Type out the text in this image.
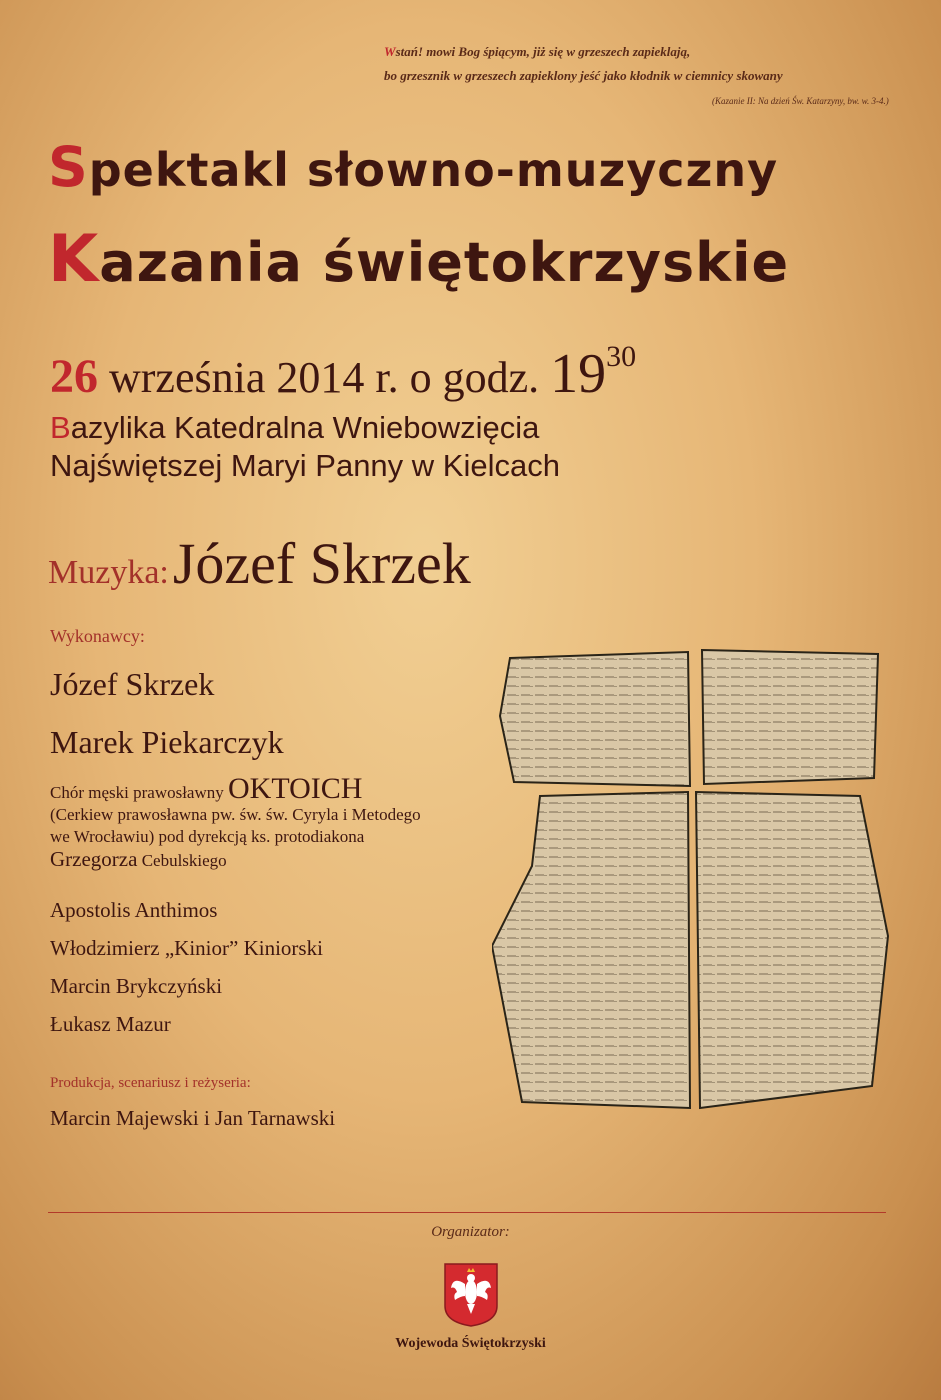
Wstań! mowi Bog śpiącym, jiż się w grzeszech zapieklają,
bo grzesznik w grzeszech zapieklony jeść jako kłodnik w ciemnicy skowany
(Kazanie II: Na dzień Św. Katarzyny, bw. w. 3-4.)
Spektakl słowno-muzyczny
Kazania świętokrzyskie
26 września 2014 r. o godz. $19^{30}$
Bazylika Katedralna Wniebowzięcia
Najświętszej Maryi Panny w Kielcach
Muzyka: Józef Skrzek
Wykonawcy:
Józef Skrzek
Marek Piekarczyk
Chór męski prawosławny OKTOICH
(Cerkiew prawosławna pw. św. św. Cyryla i Metodego we Wrocławiu) pod dyrekcją ks. protodiakona Grzegorza Cebulskiego
Apostolis Anthimos
Włodzimierz „Kinior” Kiniorski
Marcin Brykczyński
Łukasz Mazur
Produkcja, scenariusz i reżyseria:
Marcin Majewski i Jan Tarnawski
Organizator:
Wojewoda Świętokrzyski
